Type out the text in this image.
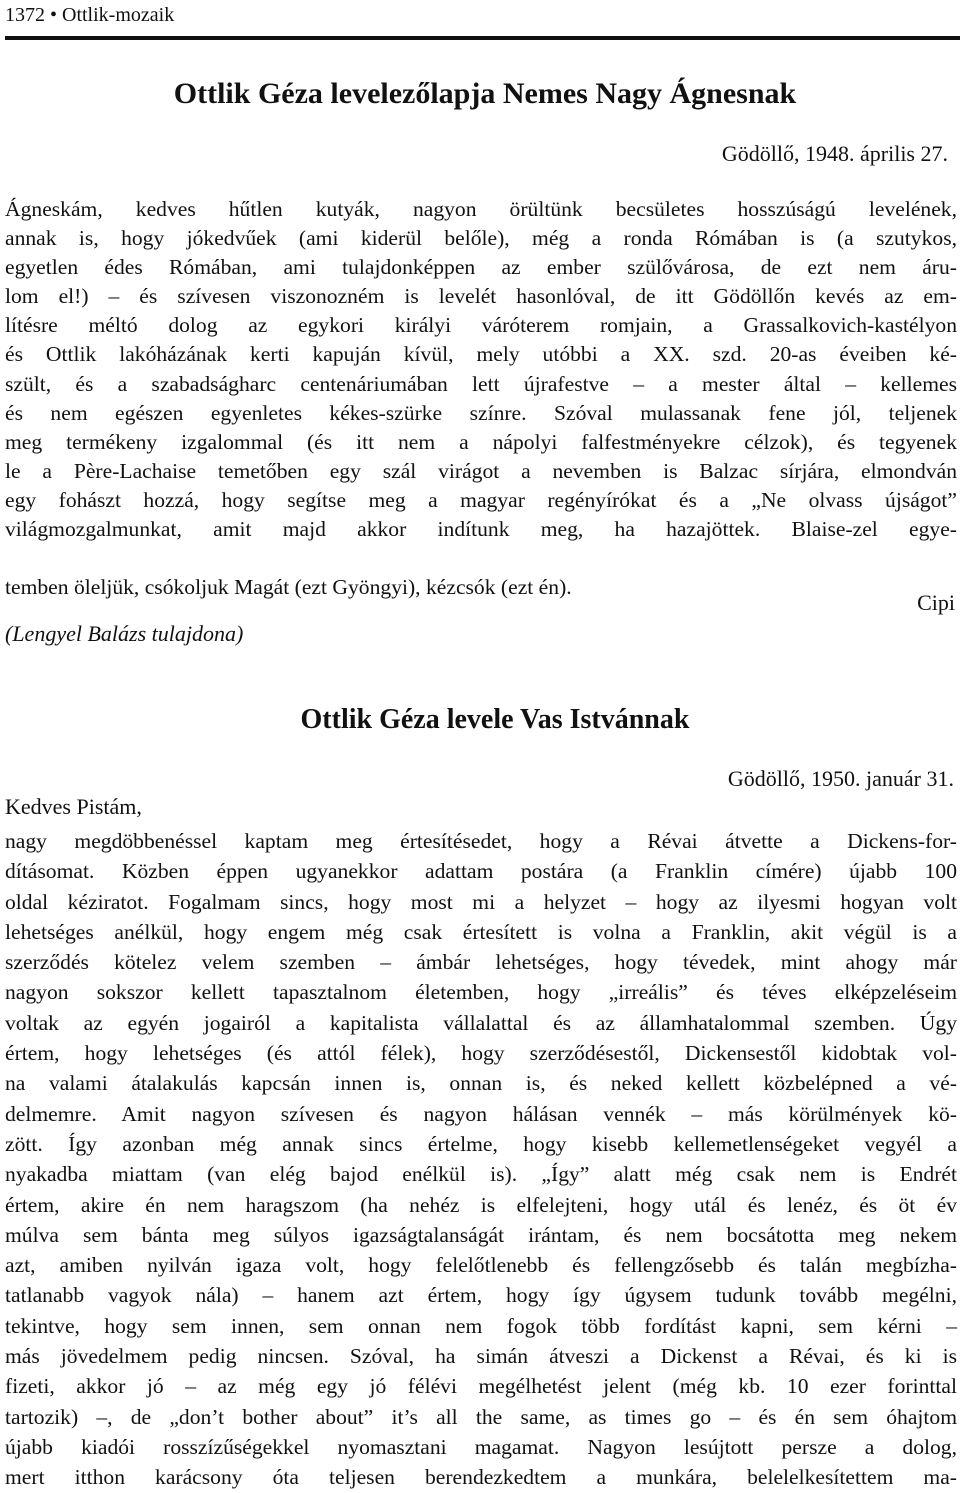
1372 • Ottlik-mozaik
Ottlik Géza levelezőlapja Nemes Nagy Ágnesnak
Gödöllő, 1948. április 27.
Ágneskám, kedves hűtlen kutyák, nagyon örültünk becsületes hosszúságú levelének,
annak is, hogy jókedvűek (ami kiderül belőle), még a ronda Rómában is (a szutykos,
egyetlen édes Rómában, ami tulajdonképpen az ember szülővárosa, de ezt nem áru-
lom el!) – és szívesen viszonozném is levelét hasonlóval, de itt Gödöllőn kevés az em-
lítésre méltó dolog az egykori királyi váróterem romjain, a Grassalkovich-kastélyon
és Ottlik lakóházának kerti kapuján kívül, mely utóbbi a XX. szd. 20-as éveiben ké-
szült, és a szabadságharc centenáriumában lett újrafestve – a mester által – kellemes
és nem egészen egyenletes kékes-szürke színre. Szóval mulassanak fene jól, teljenek
meg termékeny izgalommal (és itt nem a nápolyi falfestményekre célzok), és tegyenek
le a Père-Lachaise temetőben egy szál virágot a nevemben is Balzac sírjára, elmondván
egy fohászt hozzá, hogy segítse meg a magyar regényírókat és a „Ne olvass újságot”
világmozgalmunkat, amit majd akkor indítunk meg, ha hazajöttek. Blaise-zel egye-
temben öleljük, csókoljuk Magát (ezt Gyöngyi), kézcsók (ezt én).
Cipi
(Lengyel Balázs tulajdona)
Ottlik Géza levele Vas Istvánnak
Gödöllő, 1950. január 31.
Kedves Pistám,
nagy megdöbbenéssel kaptam meg értesítésedet, hogy a Révai átvette a Dickens-for-
dításomat. Közben éppen ugyanekkor adattam postára (a Franklin címére) újabb 100
oldal kéziratot. Fogalmam sincs, hogy most mi a helyzet – hogy az ilyesmi hogyan volt
lehetséges anélkül, hogy engem még csak értesített is volna a Franklin, akit végül is a
szerződés kötelez velem szemben – ámbár lehetséges, hogy tévedek, mint ahogy már
nagyon sokszor kellett tapasztalnom életemben, hogy „irreális” és téves elképzeléseim
voltak az egyén jogairól a kapitalista vállalattal és az államhatalommal szemben. Úgy
értem, hogy lehetséges (és attól félek), hogy szerződésestől, Dickensestől kidobtak vol-
na valami átalakulás kapcsán innen is, onnan is, és neked kellett közbelépned a vé-
delmemre. Amit nagyon szívesen és nagyon hálásan vennék – más körülmények kö-
zött. Így azonban még annak sincs értelme, hogy kisebb kellemetlenségeket vegyél a
nyakadba miattam (van elég bajod enélkül is). „Így” alatt még csak nem is Endrét
értem, akire én nem haragszom (ha nehéz is elfelejteni, hogy utál és lenéz, és öt év
múlva sem bánta meg súlyos igazságtalanságát irántam, és nem bocsátotta meg nekem
azt, amiben nyilván igaza volt, hogy felelőtlenebb és fellengzősebb és talán megbízha-
tatlanabb vagyok nála) – hanem azt értem, hogy így úgysem tudunk tovább megélni,
tekintve, hogy sem innen, sem onnan nem fogok több fordítást kapni, sem kérni –
más jövedelmem pedig nincsen. Szóval, ha simán átveszi a Dickenst a Révai, és ki is
fizeti, akkor jó – az még egy jó félévi megélhetést jelent (még kb. 10 ezer forinttal
tartozik) –, de „don’t bother about” it’s all the same, as times go – és én sem óhajtom
újabb kiadói rosszízűségekkel nyomasztani magamat. Nagyon lesújtott persze a dolog,
mert itthon karácsony óta teljesen berendezkedtem a munkára, belelelkesítettem ma-
